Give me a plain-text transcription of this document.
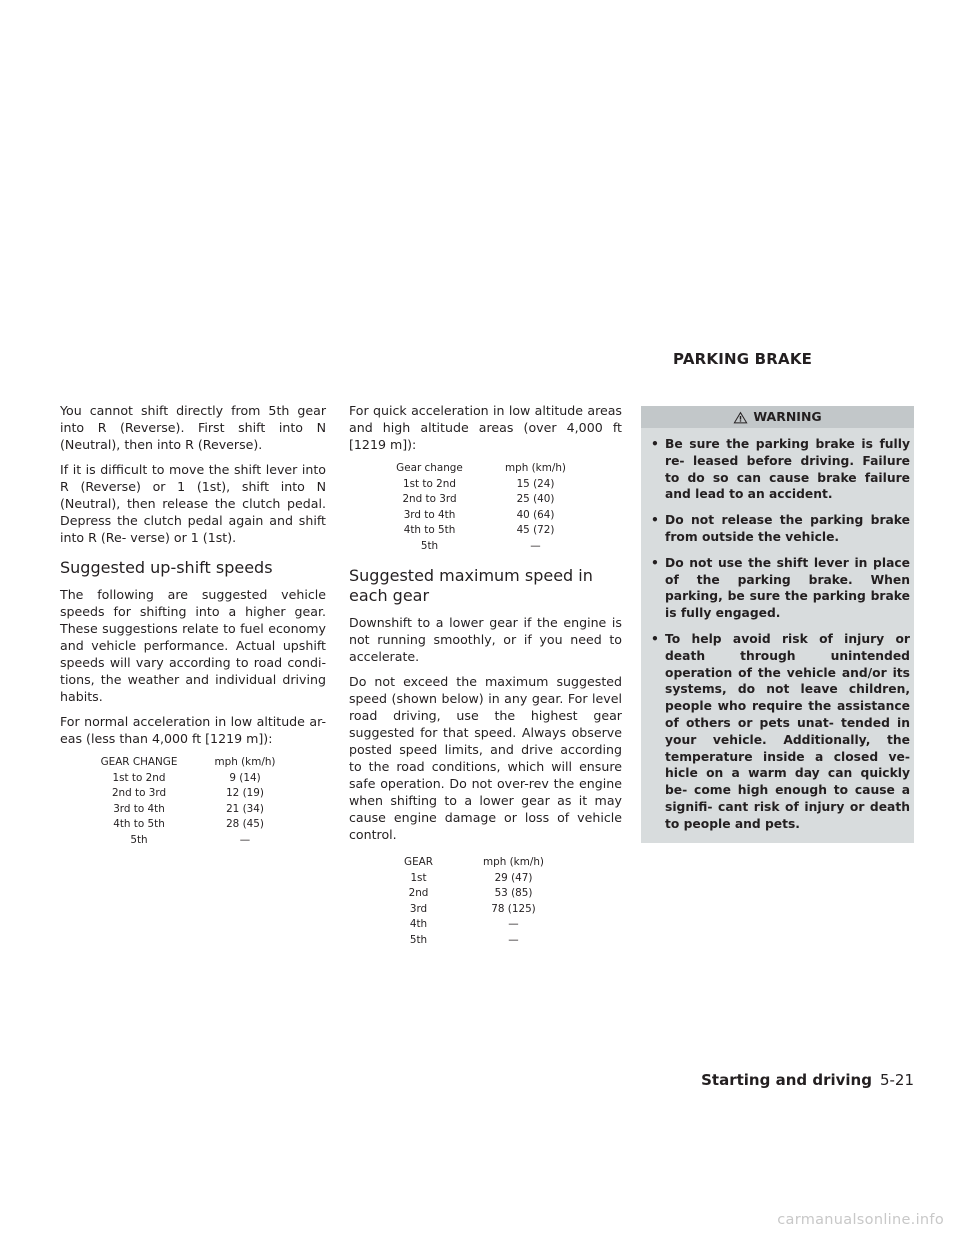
You cannot shift directly from 5th gear into R (Reverse). First shift into N (Neutral), then into R (Reverse).

If it is difficult to move the shift lever into R (Reverse) or 1 (1st), shift into N (Neutral), then release the clutch pedal. Depress the clutch pedal again and shift into R (Re- verse) or 1 (1st).

Suggested up-shift speeds

The following are suggested vehicle speeds for shifting into a higher gear. These suggestions relate to fuel economy and vehicle performance. Actual upshift speeds will vary according to road condi- tions, the weather and individual driving habits.

For normal acceleration in low altitude ar- eas (less than 4,000 ft [1219 m]):

GEAR CHANGE	mph (km/h)
1st to 2nd	9 (14)
2nd to 3rd	12 (19)
3rd to 4th	21 (34)
4th to 5th	28 (45)
5th	—

For quick acceleration in low altitude areas and high altitude areas (over 4,000 ft [1219 m]):

Gear change	mph (km/h)
1st to 2nd	15 (24)
2nd to 3rd	25 (40)
3rd to 4th	40 (64)
4th to 5th	45 (72)
5th	—
Suggested maximum speed in each gear

Downshift to a lower gear if the engine is not running smoothly, or if you need to accelerate.

Do not exceed the maximum suggested speed (shown below) in any gear. For level road driving, use the highest gear suggested for that speed. Always observe posted speed limits, and drive according to the road conditions, which will ensure safe operation. Do not over-rev the engine when shifting to a lower gear as it may cause engine damage or loss of vehicle control.

GEAR	mph (km/h)
1st	29 (47)
2nd	53 (85)
3rd	78 (125)
4th	—
5th	—
PARKING BRAKE
WARNING
• Be sure the parking brake is fully re- leased before driving. Failure to do so can cause brake failure and lead to an accident.
• Do not release the parking brake from outside the vehicle.
• Do not use the shift lever in place of the parking brake. When parking, be sure the parking brake is fully engaged.
• To help avoid risk of injury or death through unintended operation of the vehicle and/or its systems, do not leave children, people who require the assistance of others or pets unat- tended in your vehicle. Additionally, the temperature inside a closed ve- hicle on a warm day can quickly be- come high enough to cause a signifi- cant risk of injury or death to people and pets.
Starting and driving 5-21
carmanualsonline.info
